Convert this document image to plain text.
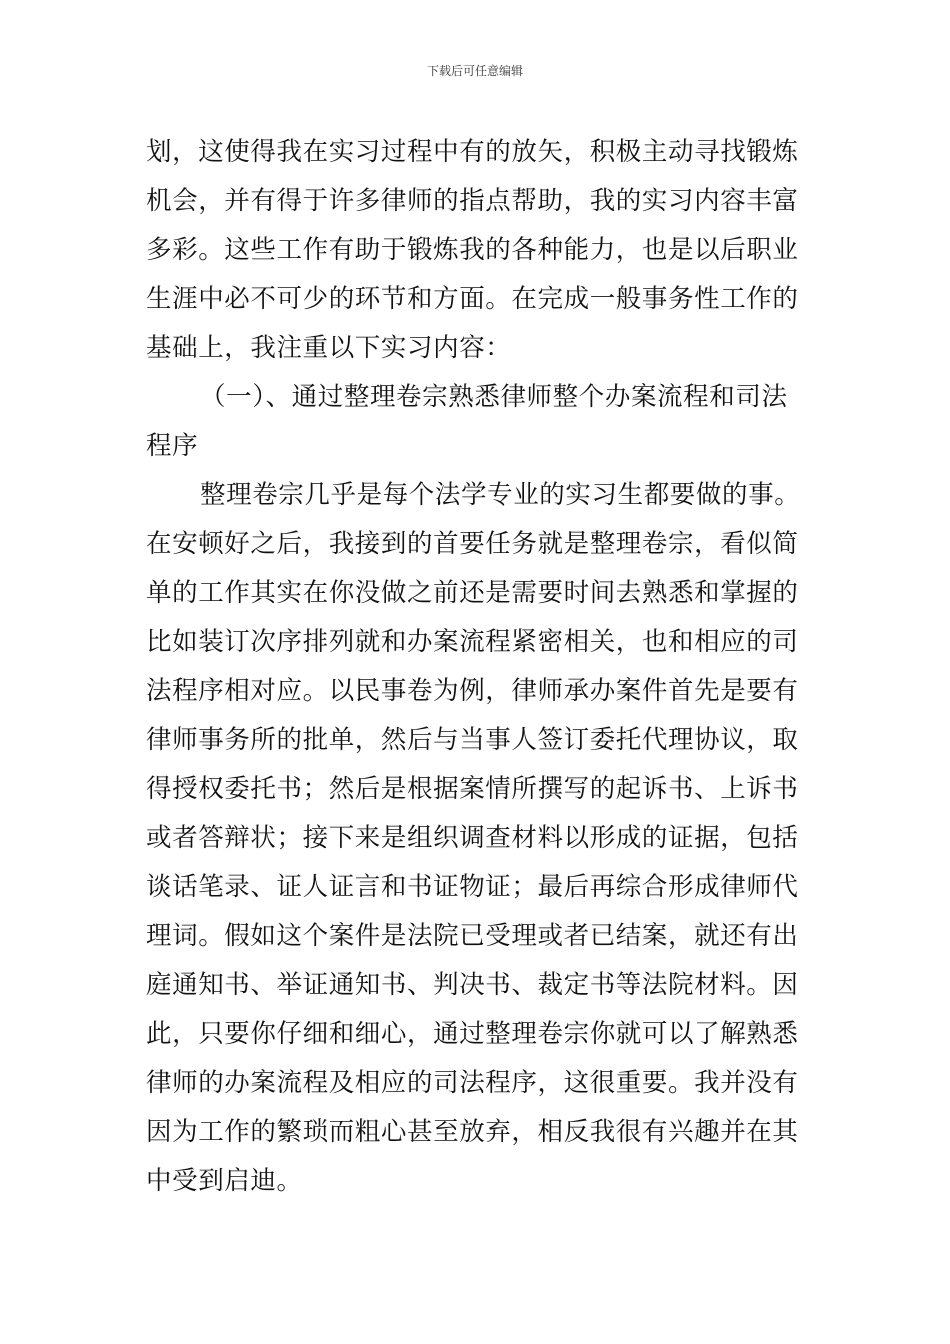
下载后可任意编辑
划，这使得我在实习过程中有的放矢，积极主动寻找锻炼
机会，并有得于许多律师的指点帮助，我的实习内容丰富
多彩。这些工作有助于锻炼我的各种能力，也是以后职业
生涯中必不可少的环节和方面。在完成一般事务性工作的
基础上，我注重以下实习内容：
（一）、通过整理卷宗熟悉律师整个办案流程和司法
程序
整理卷宗几乎是每个法学专业的实习生都要做的事。
在安顿好之后，我接到的首要任务就是整理卷宗，看似简
单的工作其实在你没做之前还是需要时间去熟悉和掌握的
比如装订次序排列就和办案流程紧密相关，也和相应的司
法程序相对应。以民事卷为例，律师承办案件首先是要有
律师事务所的批单，然后与当事人签订委托代理协议，取
得授权委托书；然后是根据案情所撰写的起诉书、上诉书
或者答辩状；接下来是组织调查材料以形成的证据，包括
谈话笔录、证人证言和书证物证；最后再综合形成律师代
理词。假如这个案件是法院已受理或者已结案，就还有出
庭通知书、举证通知书、判决书、裁定书等法院材料。因
此，只要你仔细和细心，通过整理卷宗你就可以了解熟悉
律师的办案流程及相应的司法程序，这很重要。我并没有
因为工作的繁琐而粗心甚至放弃，相反我很有兴趣并在其
中受到启迪。
